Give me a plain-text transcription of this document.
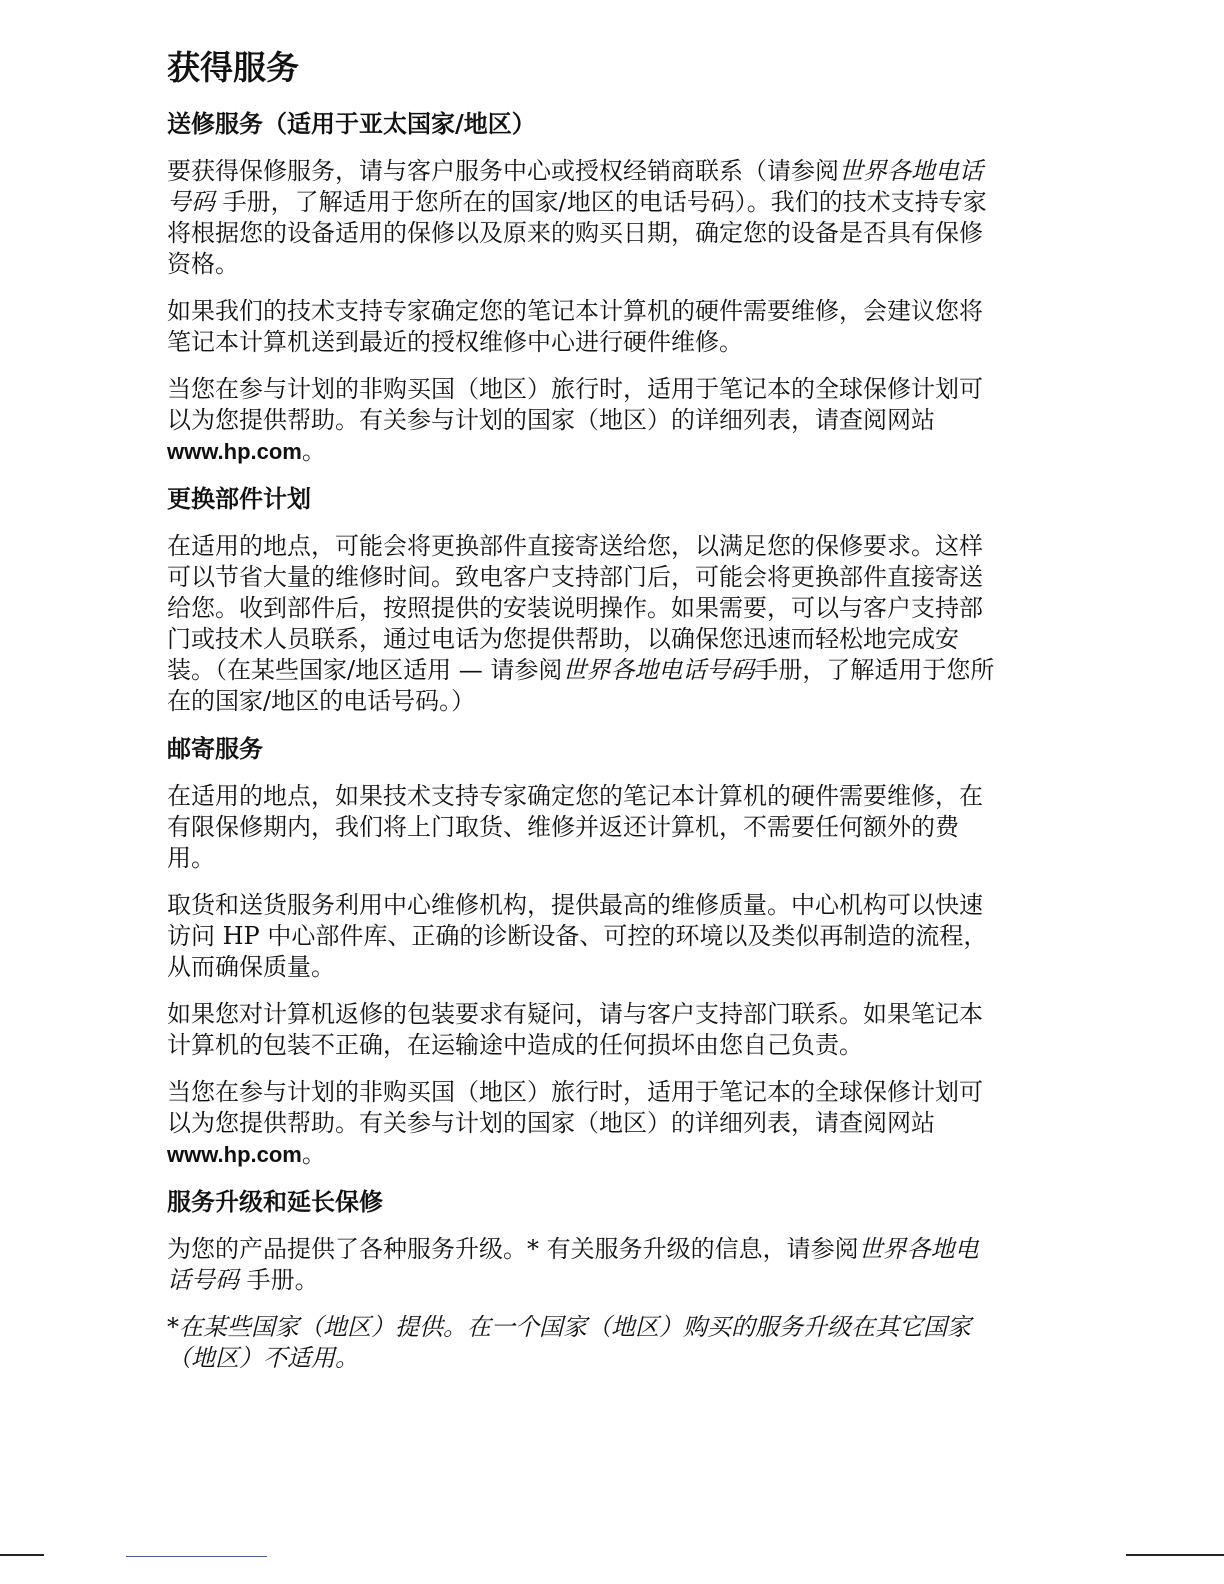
获得服务
送修服务（适用于亚太国家/地区）

要获得保修服务，请与客户服务中心或授权经销商联系（请参阅世界各地电话号码 手册，了解适用于您所在的国家/地区的电话号码）。我们的技术支持专家将根据您的设备适用的保修以及原来的购买日期，确定您的设备是否具有保修资格。

如果我们的技术支持专家确定您的笔记本计算机的硬件需要维修，会建议您将笔记本计算机送到最近的授权维修中心进行硬件维修。

当您在参与计划的非购买国（地区）旅行时，适用于笔记本的全球保修计划可以为您提供帮助。有关参与计划的国家（地区）的详细列表，请查阅网站 www.hp.com。

更换部件计划

在适用的地点，可能会将更换部件直接寄送给您，以满足您的保修要求。这样可以节省大量的维修时间。致电客户支持部门后，可能会将更换部件直接寄送给您。收到部件后，按照提供的安装说明操作。如果需要，可以与客户支持部门或技术人员联系，通过电话为您提供帮助，以确保您迅速而轻松地完成安装。（在某些国家/地区适用 — 请参阅世界各地电话号码手册，了解适用于您所在的国家/地区的电话号码。）

邮寄服务

在适用的地点，如果技术支持专家确定您的笔记本计算机的硬件需要维修，在有限保修期内，我们将上门取货、维修并返还计算机，不需要任何额外的费用。

取货和送货服务利用中心维修机构，提供最高的维修质量。中心机构可以快速访问 HP 中心部件库、正确的诊断设备、可控的环境以及类似再制造的流程，从而确保质量。

如果您对计算机返修的包装要求有疑问，请与客户支持部门联系。如果笔记本计算机的包装不正确，在运输途中造成的任何损坏由您自己负责。

当您在参与计划的非购买国（地区）旅行时，适用于笔记本的全球保修计划可以为您提供帮助。有关参与计划的国家（地区）的详细列表，请查阅网站 www.hp.com。

服务升级和延长保修

为您的产品提供了各种服务升级。* 有关服务升级的信息，请参阅世界各地电话号码 手册。

*在某些国家（地区）提供。在一个国家（地区）购买的服务升级在其它国家（地区）不适用。
